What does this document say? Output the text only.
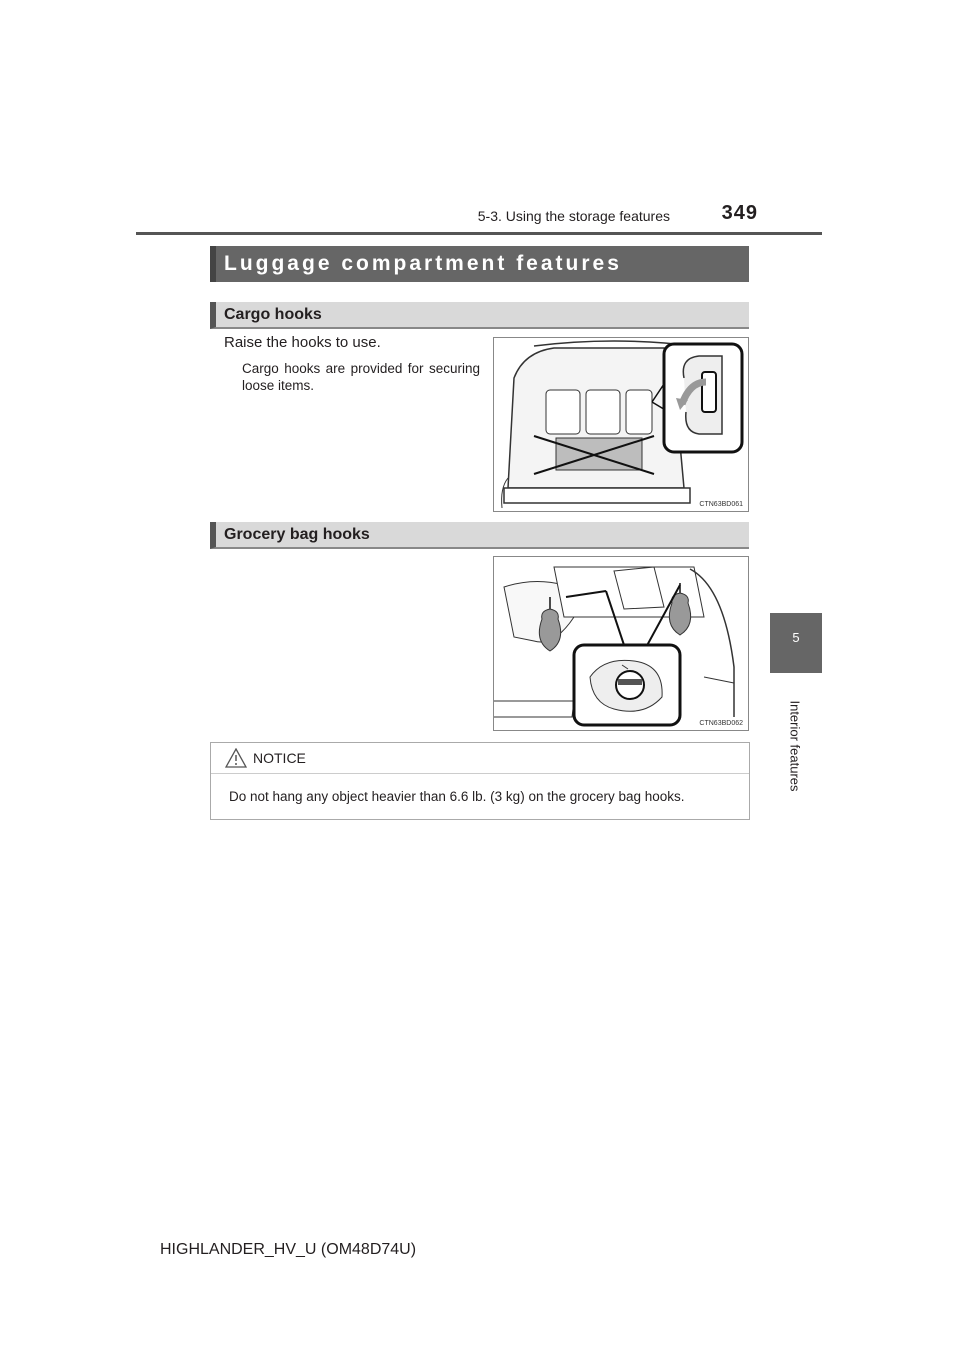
5-3. Using the storage features	349
5
Interior features
Luggage compartment features
Cargo hooks
Raise the hooks to use.
Cargo hooks are provided for securing loose items.
CTN63BD061
Grocery bag hooks
CTN63BD062
NOTICE
Do not hang any object heavier than 6.6 lb. (3 kg) on the grocery bag hooks.
HIGHLANDER_HV_U (OM48D74U)
